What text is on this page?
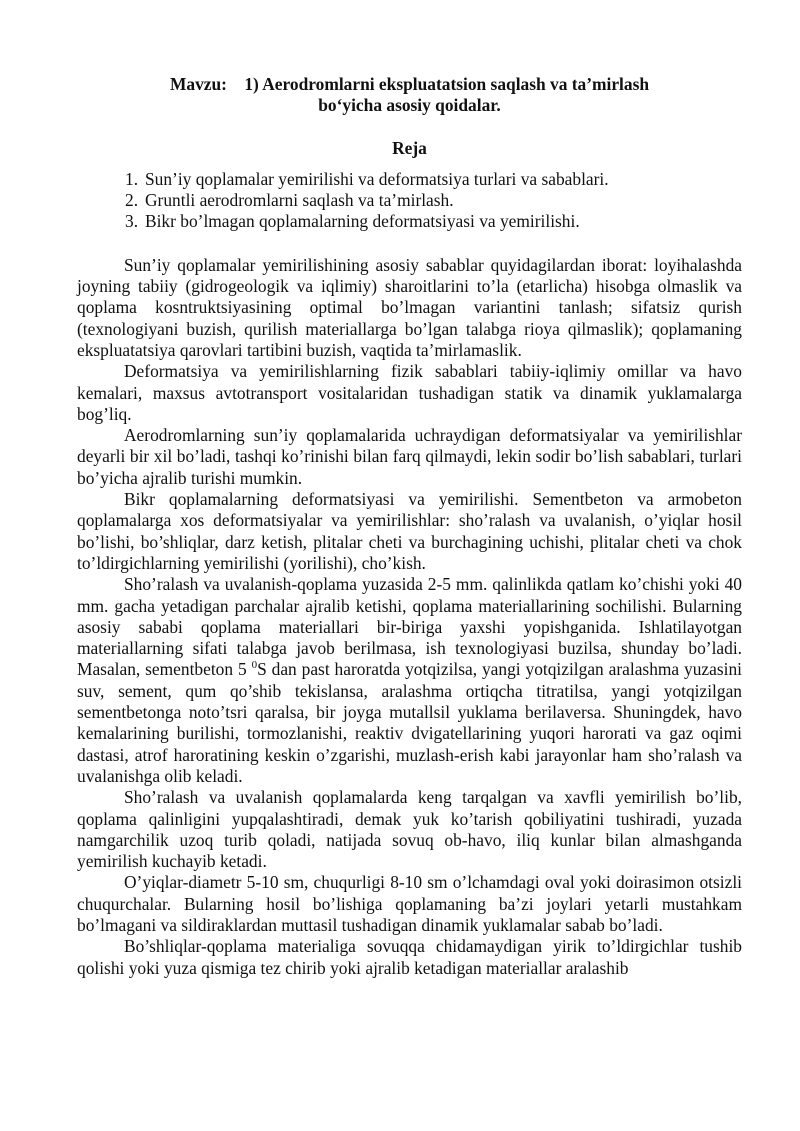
Mavzu:    1) Aerodromlarni ekspluatatsion saqlash va ta’mirlash
bo‘yicha asosiy qoidalar.

Reja

1. Sun’iy qoplamalar yemirilishi va deformatsiya turlari va sabablari.
2. Gruntli aerodromlarni saqlash va ta’mirlash.
3. Bikr bo’lmagan qoplamalarning deformatsiyasi va yemirilishi.

Sun’iy qoplamalar yemirilishining asosiy sabablar quyidagilardan iborat: loyihalashda joyning tabiiy (gidrogeologik va iqlimiy) sharoitlarini to’la (etarlicha) hisobga olmaslik va qoplama kosntruktsiyasining optimal bo’lmagan variantini tanlash; sifatsiz qurish (texnologiyani buzish, qurilish materiallarga bo’lgan talabga rioya qilmaslik); qoplamaning ekspluatatsiya qarovlari tartibini buzish, vaqtida ta’mirlamaslik.

Deformatsiya va yemirilishlarning fizik sabablari tabiiy-iqlimiy omillar va havo kemalari, maxsus avtotransport vositalaridan tushadigan statik va dinamik yuklamalarga bog’liq.

Aerodromlarning sun’iy qoplamalarida uchraydigan deformatsiyalar va yemirilishlar deyarli bir xil bo’ladi, tashqi ko’rinishi bilan farq qilmaydi, lekin sodir bo’lish sabablari, turlari bo’yicha ajralib turishi mumkin.

Bikr qoplamalarning deformatsiyasi va yemirilishi. Sementbeton va armobeton qoplamalarga xos deformatsiyalar va yemirilishlar: sho’ralash va uvalanish, o’yiqlar hosil bo’lishi, bo’shliqlar, darz ketish, plitalar cheti va burchagining uchishi, plitalar cheti va chok to’ldirgichlarning yemirilishi (yorilishi), cho’kish.

Sho’ralash va uvalanish-qoplama yuzasida 2-5 mm. qalinlikda qatlam ko’chishi yoki 40 mm. gacha yetadigan parchalar ajralib ketishi, qoplama materiallarining sochilishi. Bularning asosiy sababi qoplama materiallari bir-biriga yaxshi yopishganida. Ishlatilayotgan materiallarning sifati talabga javob berilmasa, ish texnologiyasi buzilsa, shunday bo’ladi. Masalan, sementbeton 5 $^0$S dan past haroratda yotqizilsa, yangi yotqizilgan aralashma yuzasini suv, sement, qum qo’shib tekislansa, aralashma ortiqcha titratilsa, yangi yotqizilgan sementbetonga noto’tsri qaralsa, bir joyga mutallsil yuklama berilaversa. Shuningdek, havo kemalarining burilishi, tormozlanishi, reaktiv dvigatellarining yuqori harorati va gaz oqimi dastasi, atrof haroratining keskin o’zgarishi, muzlash-erish kabi jarayonlar ham sho’ralash va uvalanishga olib keladi.

Sho’ralash va uvalanish qoplamalarda keng tarqalgan va xavfli yemirilish bo’lib, qoplama qalinligini yupqalashtiradi, demak yuk ko’tarish qobiliyatini tushiradi, yuzada namgarchilik uzoq turib qoladi, natijada sovuq ob-havo, iliq kunlar bilan almashganda yemirilish kuchayib ketadi.

O’yiqlar-diametr 5-10 sm, chuqurligi 8-10 sm o’lchamdagi oval yoki doirasimon otsizli chuqurchalar. Bularning hosil bo’lishiga qoplamaning ba’zi joylari yetarli mustahkam bo’lmagani va sildiraklardan muttasil tushadigan dinamik yuklamalar sabab bo’ladi.

Bo’shliqlar-qoplama materialiga sovuqqa chidamaydigan yirik to’ldirgichlar tushib qolishi yoki yuza qismiga tez chirib yoki ajralib ketadigan materiallar aralashib
